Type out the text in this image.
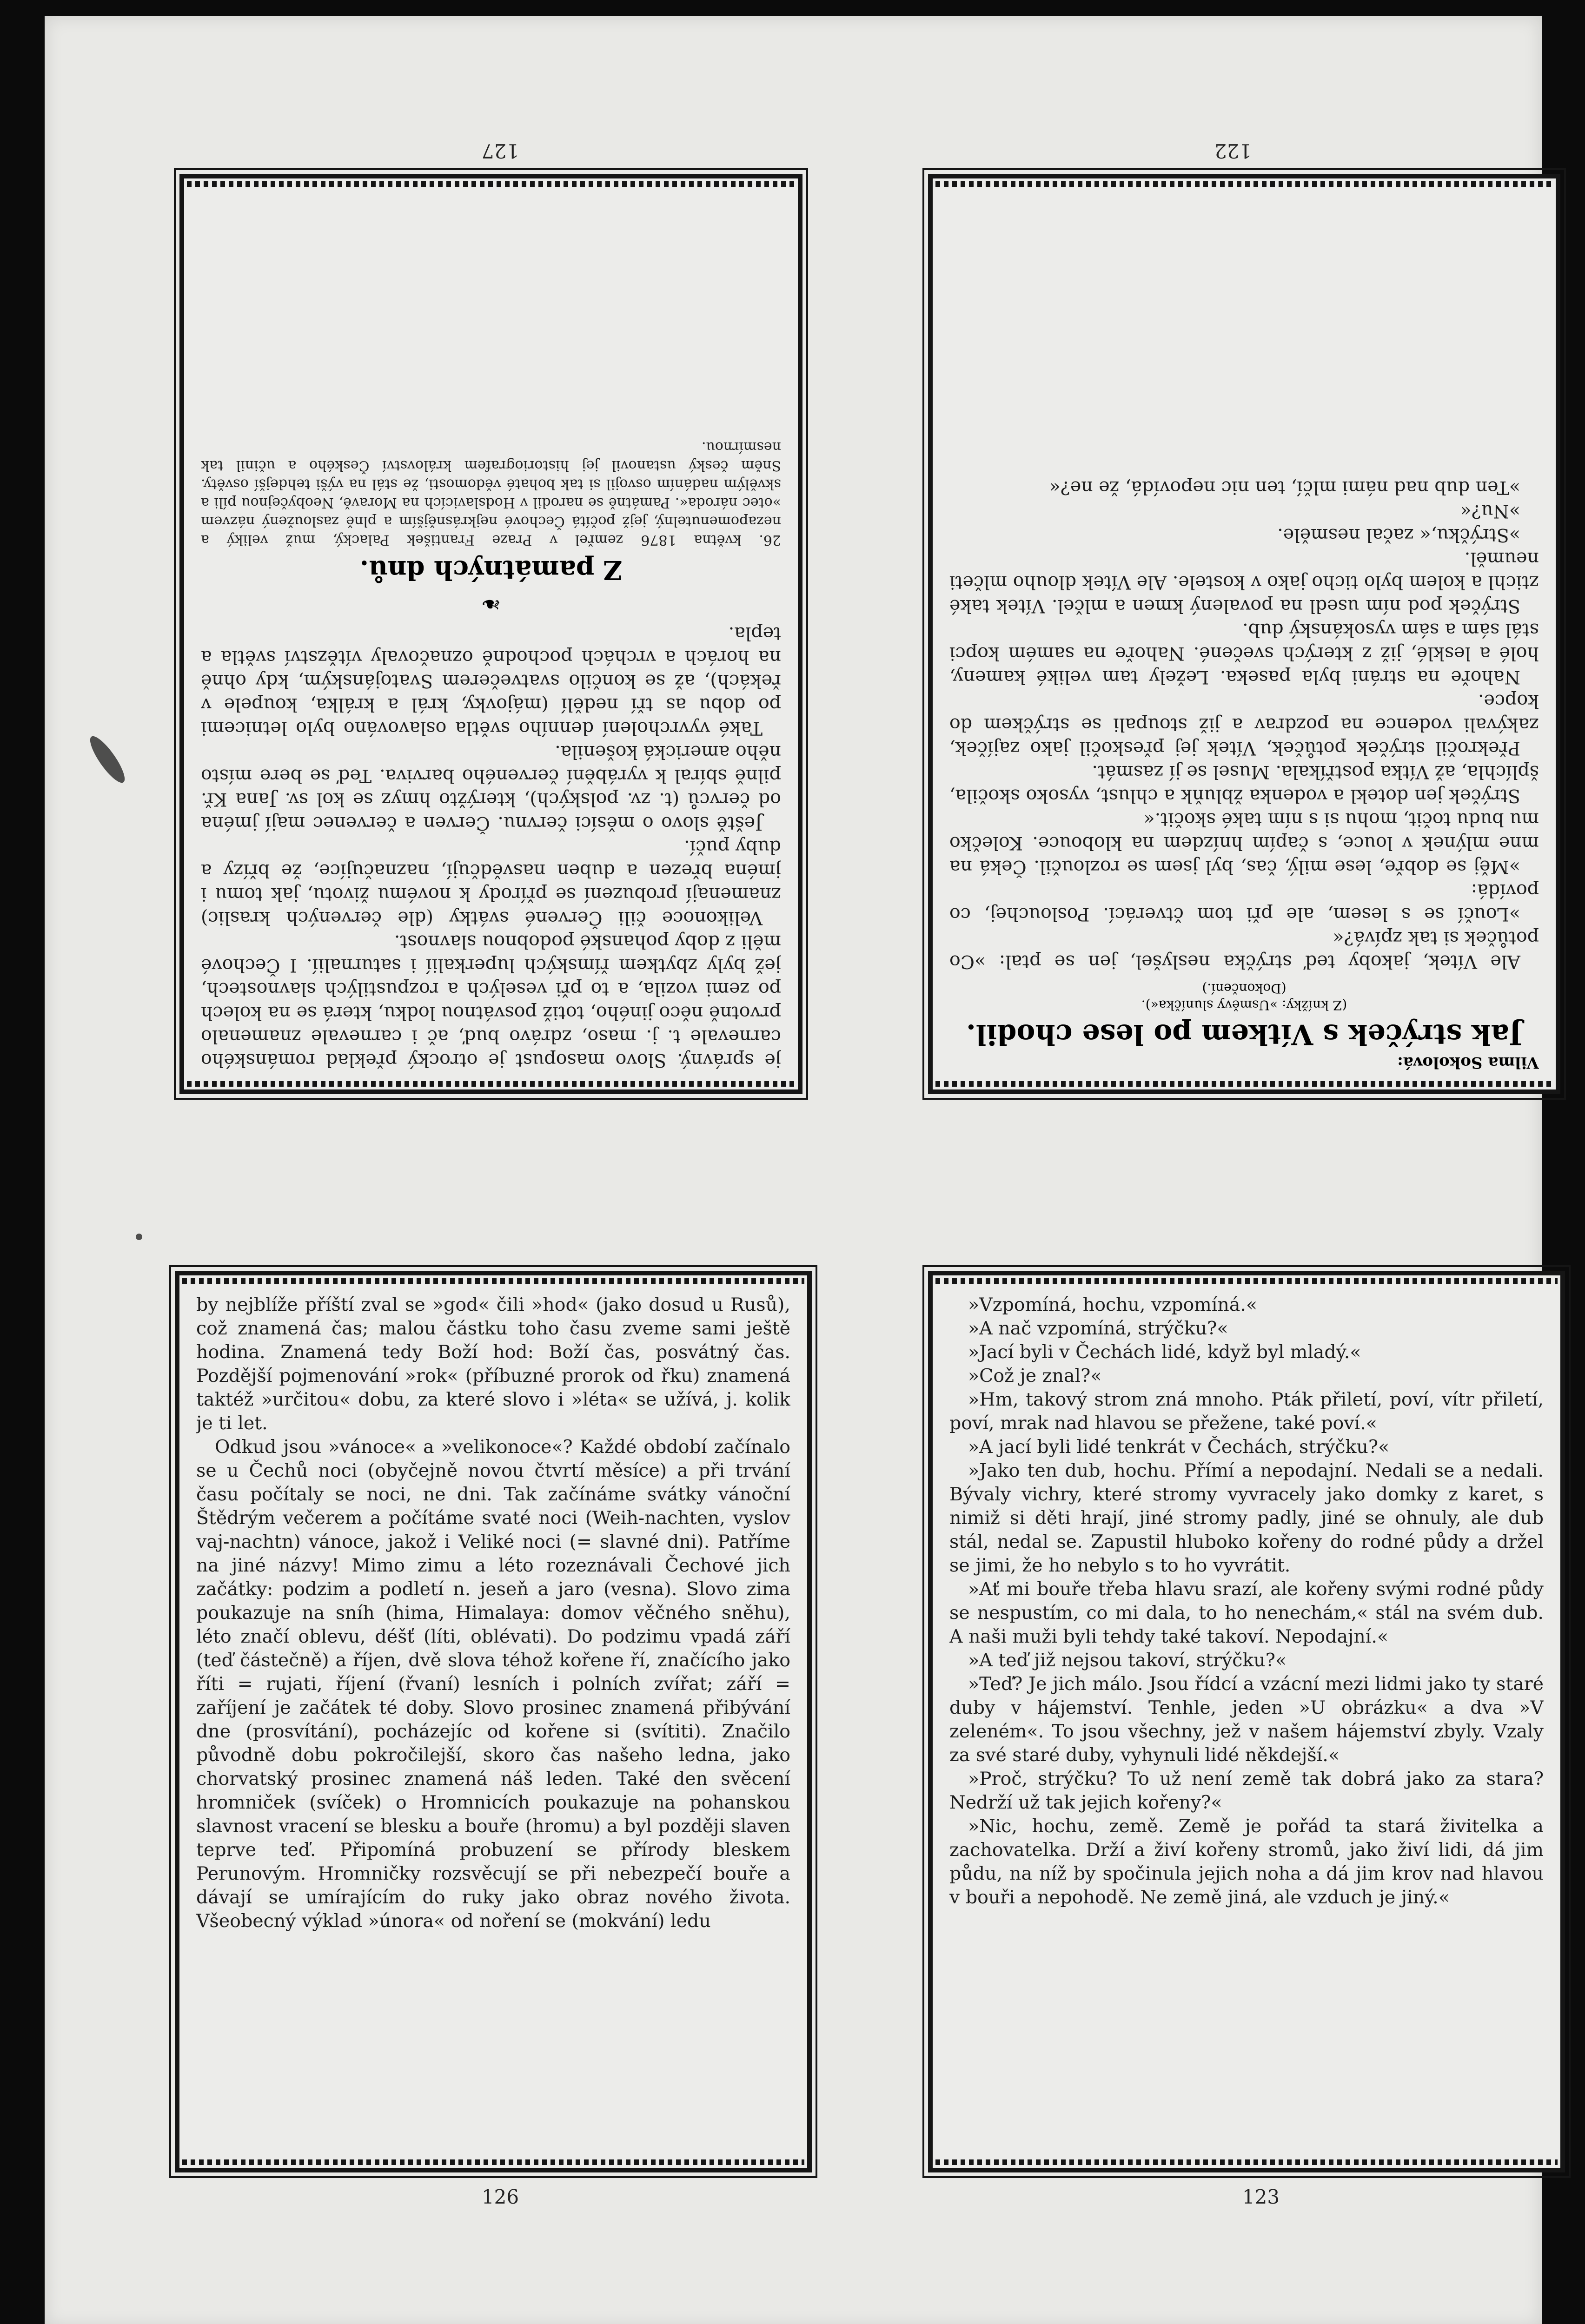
127	122
126	123

je správný. Slovo masopust je otrocký překlad románského carnevale t. j. maso, zdrávo buď, ač i carnevale znamenalo prvotně něco jiného, totiž posvátnou lodku, která se na kolech po zemi vozila, a to při veselých a rozpustilých slavnostech, jež byly zbytkem římských luperkalií i saturnalií. I Čechové měli z doby pohanské podobnou slavnost.

Velikonoce čili Červené svátky (dle červených kraslic) znamenají probuzení se přírody k novému životu, jak tomu i jména březen a duben nasvědčují, naznačujíce, že břízy a duby pučí.

Ještě slovo o měsíci červnu. Červen a červenec mají jména od červců (t. zv. polských), kterýžto hmyz se kol sv. Jana Kř. pilně sbíral k vyrábění červeného barviva. Teď se bere místo něho americká košenila.

Také vyvrcholení denního světla oslavováno bylo letnicemi po dobu as tří nedělí (májovky, král a králka, koupele v řekách), až se končilo svatvečerem Svatojánským, kdy ohně na horách a vrchách pochodně označovaly vítězství světla a tepla.

❧
Z památných dnů.
26. května 1876 zemřel v Praze František Palacký, muž veliký a nezapomenutelný, jejž počítá Čechové nejkrásnějším a plně zasloužený názvem »otec národa«. Památně se narodil v Hodslavicích na Moravě, Neobyčejnou píli a skvělým nadáním osvojil si tak bohaté vědomosti, že stál na výši tehdejší osvěty. Sněm český ustanovil jej historiografem království Českého a učinil tak nesmírnou.
Vilma Sokolová:
Jak strýček s Vítkem po lese chodil.
(Z knížky: »Usměvy sluníčka«).
(Dokončení.)

Ale Vítek, jakoby teď strýčka neslyšel, jen se ptal: »Co potůček si tak zpívá?«

»Loučí se s lesem, ale při tom čtverácí. Poslouchej, co povídá:

»Měj se dobře, lese milý, čas, byl jsem se rozloučil. Čeká na mne mlýnek v louce, s čapím hnízdem na klobouce. Kolečko mu budu točit, mohu si s ním také skočit.«

Strýček jen dotekl a vodenka žbluňk a chlust, vysoko skočila, šplíchla, až Vítka postříkala. Musel se jí zasmát.

Překročil strýček potůček, Vítek jej přeskočil jako zajíček, zakývali vodence na pozdrav a již stoupali se strýčkem do kopce.

Nahoře na stráni byla paseka. Ležely tam veliké kameny, holé a lesklé, již z kterých svečené. Nahoře na samém kopci stál sám a sám vysokánský dub.

Strýček pod ním usedl na povalený kmen a mlčel. Vítek také ztichl a kolem bylo ticho jako v kostele. Ale Vítek dlouho mlčeti neuměl.

»Strýčku,« začal nesměle.

»Nu?«

»Ten dub nad námi mlčí, ten nic nepovídá, že ne?«

by nejblíže příští zval se »god« čili »hod« (jako dosud u Rusů), což znamená čas; malou částku toho času zveme sami ještě hodina. Znamená tedy Boží hod: Boží čas, posvátný čas. Pozdější pojmenování »rok« (příbuzné prorok od řku) znamená taktéž »určitou« dobu, za které slovo i »léta« se užívá, j. kolik je ti let.

Odkud jsou »vánoce« a »velikonoce«? Každé období začínalo se u Čechů noci (obyčejně novou čtvrtí měsíce) a při trvání času počítaly se noci, ne dni. Tak začínáme svátky vánoční Štědrým večerem a počítáme svaté noci (Weih-nachten, vyslov vaj-nachtn) vánoce, jakož i Veliké noci (= slavné dni). Patříme na jiné názvy! Mimo zimu a léto rozeznávali Čechové jich začátky: podzim a podletí n. jeseň a jaro (vesna). Slovo zima poukazuje na sníh (hima, Himalaya: domov věčného sněhu), léto značí oblevu, déšť (líti, oblévati). Do podzimu vpadá září (teď částečně) a říjen, dvě slova téhož kořene ří, značícího jako říti = rujati, říjení (řvaní) lesních i polních zvířat; září = zaříjení je začátek té doby. Slovo prosinec znamená přibývání dne (prosvítání), pocházejíc od kořene si (svítiti). Značilo původně dobu pokročilejší, skoro čas našeho ledna, jako chorvatský prosinec znamená náš leden. Také den svěcení hromniček (svíček) o Hromnicích poukazuje na pohanskou slavnost vracení se blesku a bouře (hromu) a byl později slaven teprve teď. Připomíná probuzení se přírody bleskem Perunovým. Hromničky rozsvěcují se při nebezpečí bouře a dávají se umírajícím do ruky jako obraz nového života. Všeobecný výklad »února« od noření se (mokvání) ledu

»Vzpomíná, hochu, vzpomíná.«

»A nač vzpomíná, strýčku?«

»Jací byli v Čechách lidé, když byl mladý.«

»Což je znal?«

»Hm, takový strom zná mnoho. Pták přiletí, poví, vítr přiletí, poví, mrak nad hlavou se přežene, také poví.«

»A jací byli lidé tenkrát v Čechách, strýčku?«

»Jako ten dub, hochu. Přímí a nepodajní. Nedali se a nedali. Bývaly vichry, které stromy vyvracely jako domky z karet, s nimiž si děti hrají, jiné stromy padly, jiné se ohnuly, ale dub stál, nedal se. Zapustil hluboko kořeny do rodné půdy a držel se jimi, že ho nebylo s to ho vyvrátit.

»Ať mi bouře třeba hlavu srazí, ale kořeny svými rodné půdy se nespustím, co mi dala, to ho nenechám,« stál na svém dub. A naši muži byli tehdy také takoví. Nepodajní.«

»A teď již nejsou takoví, strýčku?«

»Teď? Je jich málo. Jsou řídcí a vzácní mezi lidmi jako ty staré duby v hájemství. Tenhle, jeden »U obrázku« a dva »V zeleném«. To jsou všechny, jež v našem hájemství zbyly. Vzaly za své staré duby, vyhynuli lidé někdejší.«

»Proč, strýčku? To už není země tak dobrá jako za stara? Nedrží už tak jejich kořeny?«

»Nic, hochu, země. Země je pořád ta stará živitelka a zachovatelka. Drží a živí kořeny stromů, jako živí lidi, dá jim půdu, na níž by spočinula jejich noha a dá jim krov nad hlavou v bouři a nepohodě. Ne země jiná, ale vzduch je jiný.«
